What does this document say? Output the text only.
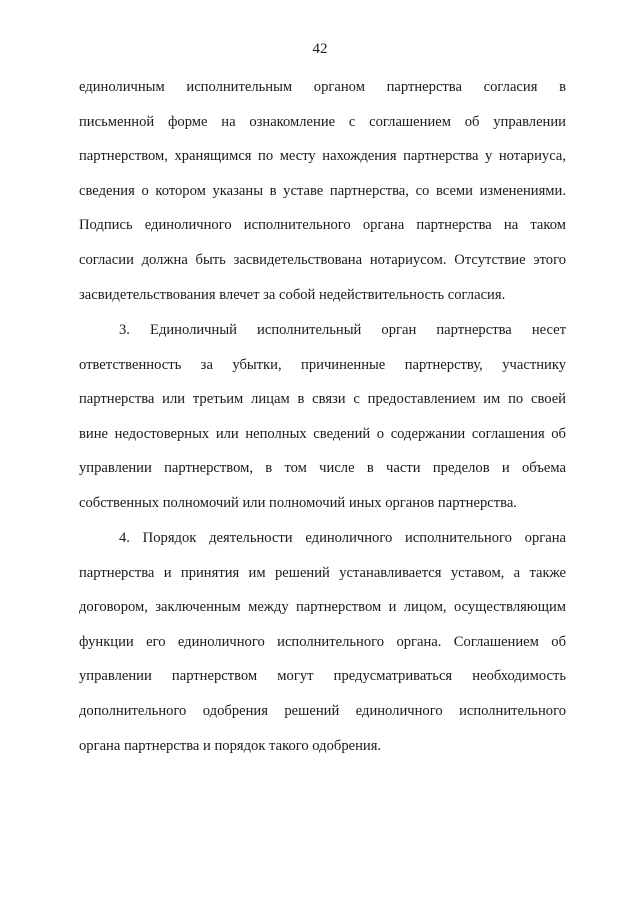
42
единоличным исполнительным органом партнерства согласия в
письменной форме на ознакомление с соглашением об управлении
партнерством, хранящимся по месту нахождения партнерства у нотариуса,
сведения о котором указаны в уставе партнерства, со всеми изменениями.
Подпись единоличного исполнительного органа партнерства на таком
согласии должна быть засвидетельствована нотариусом. Отсутствие этого
засвидетельствования влечет за собой недействительность согласия.
3. Единоличный исполнительный орган партнерства несет
ответственность за убытки, причиненные партнерству, участнику
партнерства или третьим лицам в связи с предоставлением им по своей
вине недостоверных или неполных сведений о содержании соглашения об
управлении партнерством, в том числе в части пределов и объема
собственных полномочий или полномочий иных органов партнерства.
4. Порядок деятельности единоличного исполнительного органа
партнерства и принятия им решений устанавливается уставом, а также
договором, заключенным между партнерством и лицом, осуществляющим
функции его единоличного исполнительного органа. Соглашением об
управлении партнерством могут предусматриваться необходимость
дополнительного одобрения решений единоличного исполнительного
органа партнерства и порядок такого одобрения.
